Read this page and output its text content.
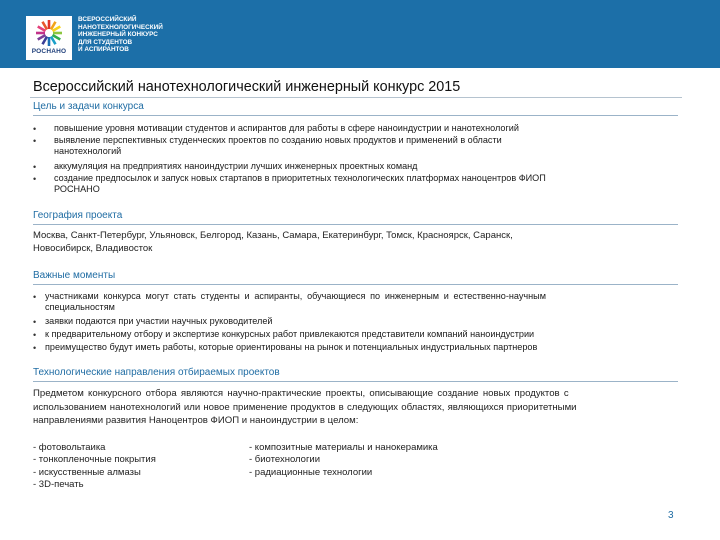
РОСНАНО
ВСЕРОССИЙСКИЙ
НАНОТЕХНОЛОГИЧЕСКИЙ
ИНЖЕНЕРНЫЙ КОНКУРС
ДЛЯ СТУДЕНТОВ
И АСПИРАНТОВ
Всероссийский нанотехнологический инженерный конкурс 2015
Цель и задачи конкурса
• повышение уровня мотивации студентов и аспирантов для работы в сфере наноиндустрии и нанотехнологий
• выявление перспективных студенческих проектов по созданию новых продуктов и применений в области
нанотехнологий
• аккумуляция на предприятиях наноиндустрии лучших инженерных проектных команд
• создание предпосылок и запуск новых стартапов в приоритетных технологических платформах наноцентров ФИОП
РОСНАНО
География проекта
Москва, Санкт-Петербург, Ульяновск, Белгород, Казань, Самара, Екатеринбург, Томск, Красноярск, Саранск,
Новосибирск, Владивосток
Важные моменты
• участниками конкурса могут стать студенты и аспиранты, обучающиеся по инженерным и естественно-научным
специальностям
• заявки подаются при участии научных руководителей
• к предварительному отбору и экспертизе конкурсных работ привлекаются представители компаний наноиндустрии
• преимущество будут иметь работы, которые ориентированы на рынок и потенциальных индустриальных партнеров
Технологические направления отбираемых проектов
Предметом конкурсного отбора являются научно-практические проекты, описывающие создание новых продуктов с
использованием нанотехнологий или новое применение продуктов в следующих областях, являющихся приоритетными
направлениями развития Наноцентров ФИОП и наноиндустрии в целом:
- фотовольтаика
- тонкопленочные покрытия
- искусственные алмазы
- 3D-печать
- композитные материалы и нанокерамика
- биотехнологии
- радиационные технологии
3
